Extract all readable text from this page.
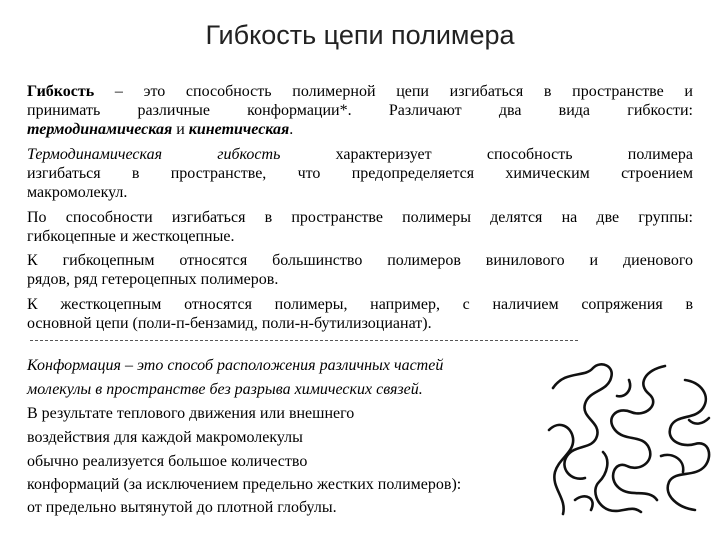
Гибкость цепи полимера
Гибкость – это способность полимерной цепи изгибаться в пространстве и
принимать различные конформации*. Различают два вида гибкости:
термодинамическая и кинетическая.
Термодинамическая гибкость характеризует способность полимера
изгибаться в пространстве, что предопределяется химическим строением
макромолекул.
По способности изгибаться в пространстве полимеры делятся на две группы:
гибкоцепные и жесткоцепные.
К гибкоцепным относятся большинство полимеров винилового и диенового
рядов, ряд гетероцепных полимеров.
К жесткоцепным относятся полимеры, например, с наличием сопряжения в
основной цепи (поли-п-бензамид, поли-н-бутилизоцианат).
Конформация – это способ расположения различных частей
молекулы в пространстве без разрыва химических связей.
В результате теплового движения или внешнего
воздействия для каждой макромолекулы
обычно реализуется большое количество
конформаций (за исключением предельно жестких полимеров):
от предельно вытянутой до плотной глобулы.
